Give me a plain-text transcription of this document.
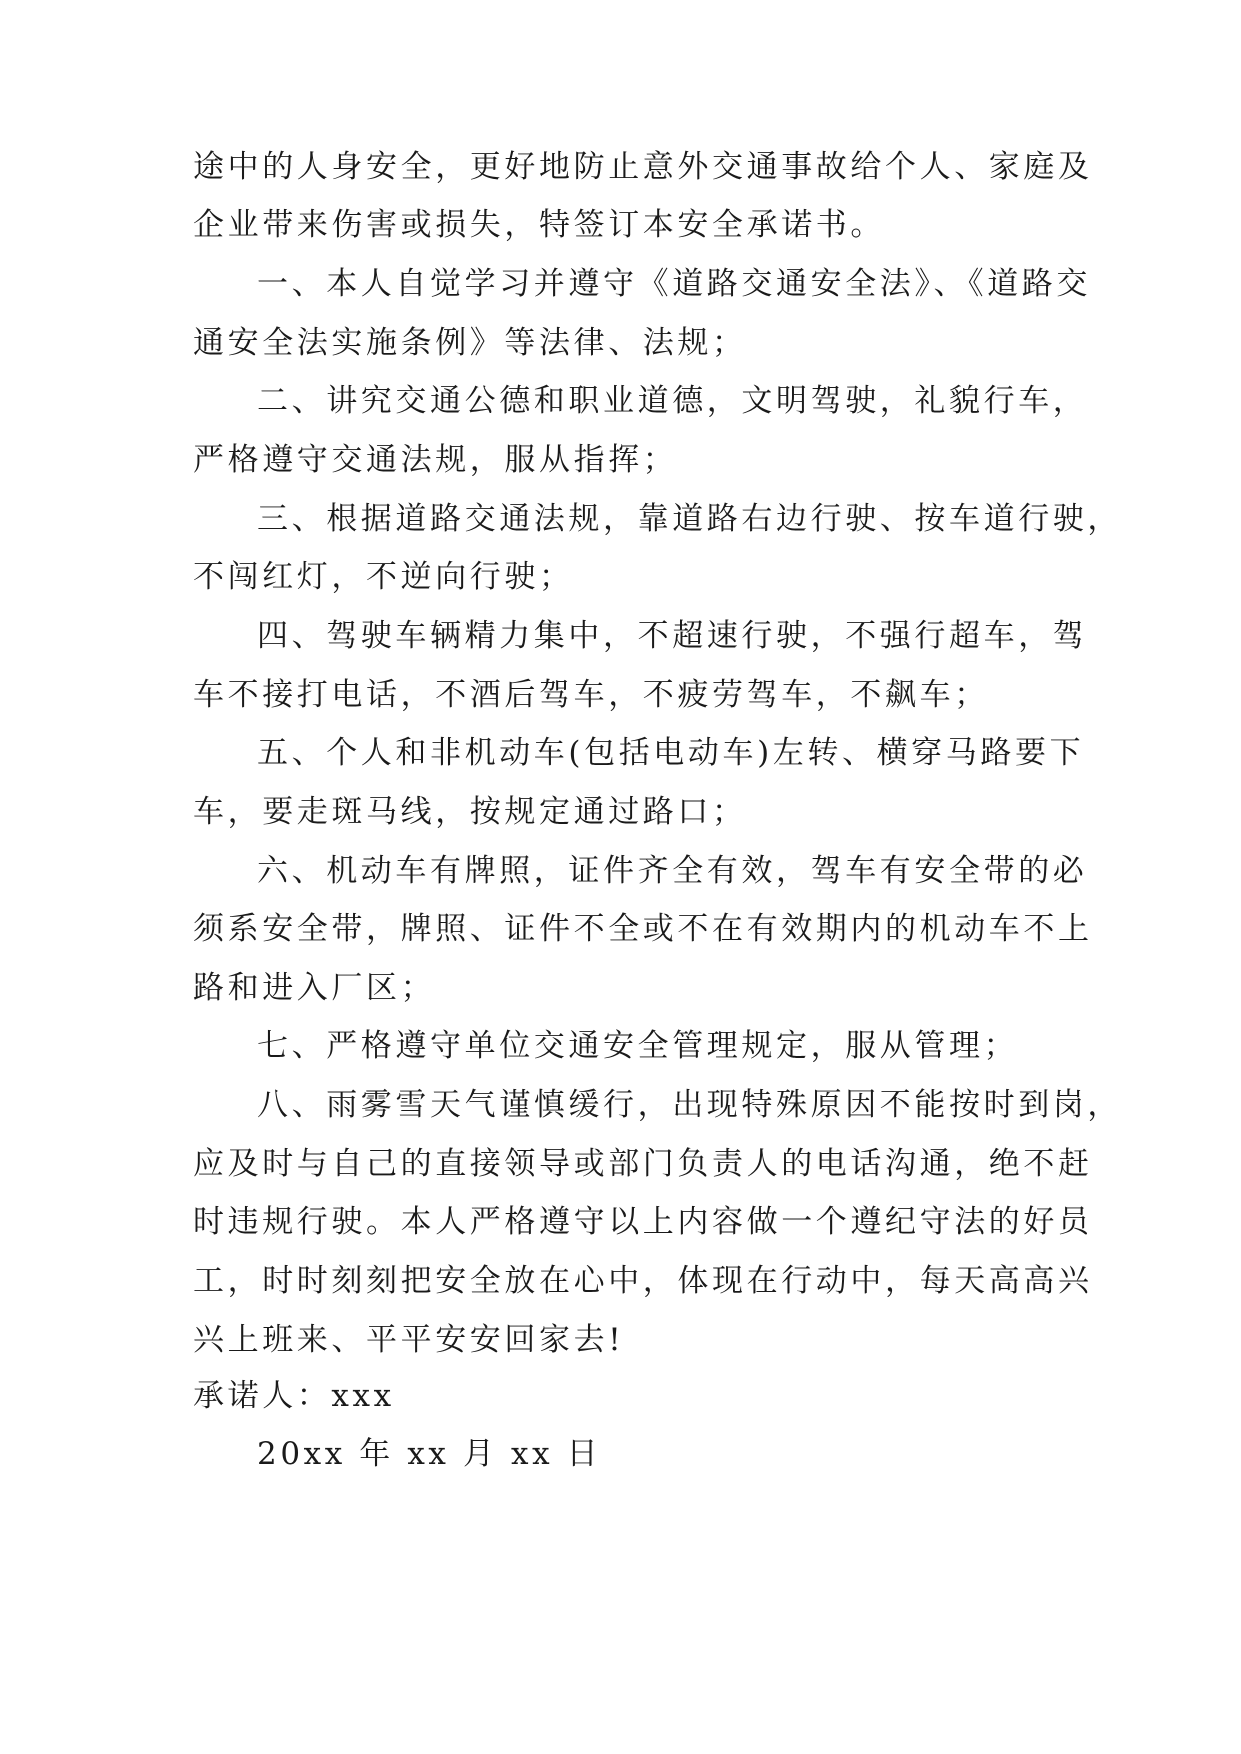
途中的人身安全，更好地防止意外交通事故给个人、家庭及
企业带来伤害或损失，特签订本安全承诺书。
一、本人自觉学习并遵守《道路交通安全法》、《道路交
通安全法实施条例》等法律、法规；
二、讲究交通公德和职业道德，文明驾驶，礼貌行车，
严格遵守交通法规，服从指挥；
三、根据道路交通法规，靠道路右边行驶、按车道行驶，
不闯红灯，不逆向行驶；
四、驾驶车辆精力集中，不超速行驶，不强行超车，驾
车不接打电话，不酒后驾车，不疲劳驾车，不飙车；
五、个人和非机动车(包括电动车)左转、横穿马路要下
车，要走斑马线，按规定通过路口；
六、机动车有牌照，证件齐全有效，驾车有安全带的必
须系安全带，牌照、证件不全或不在有效期内的机动车不上
路和进入厂区；
七、严格遵守单位交通安全管理规定，服从管理；
八、雨雾雪天气谨慎缓行，出现特殊原因不能按时到岗，
应及时与自己的直接领导或部门负责人的电话沟通，绝不赶
时违规行驶。本人严格遵守以上内容做一个遵纪守法的好员
工，时时刻刻把安全放在心中，体现在行动中，每天高高兴
兴上班来、平平安安回家去!
承诺人：xxx
20xx 年 xx 月 xx 日
